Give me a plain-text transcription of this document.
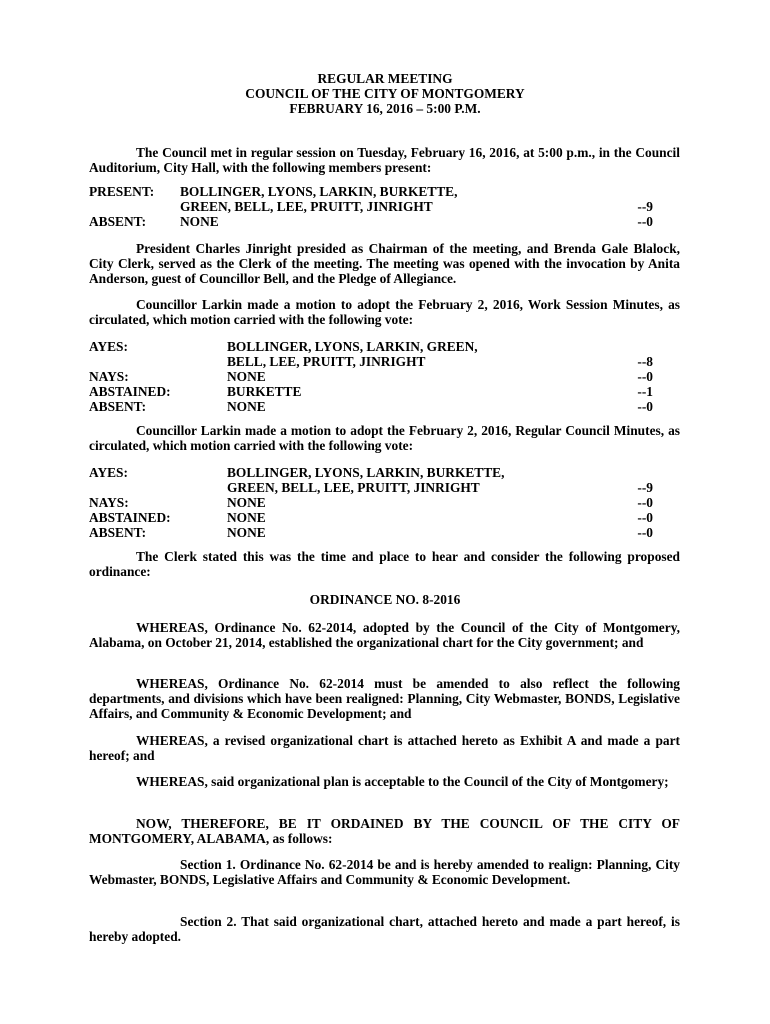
REGULAR MEETING
COUNCIL OF THE CITY OF MONTGOMERY
FEBRUARY 16, 2016 – 5:00 P.M.
The Council met in regular session on Tuesday, February 16, 2016, at 5:00 p.m., in the Council Auditorium, City Hall, with the following members present:
PRESENT: BOLLINGER, LYONS, LARKIN, BURKETTE,
GREEN, BELL, LEE, PRUITT, JINRIGHT	--9
ABSENT:	NONE	--0
President Charles Jinright presided as Chairman of the meeting, and Brenda Gale Blalock, City Clerk, served as the Clerk of the meeting. The meeting was opened with the invocation by Anita Anderson, guest of Councillor Bell, and the Pledge of Allegiance.
Councillor Larkin made a motion to adopt the February 2, 2016, Work Session Minutes, as circulated, which motion carried with the following vote:
AYES:	BOLLINGER, LYONS, LARKIN, GREEN,
BELL, LEE, PRUITT, JINRIGHT	--8
NAYS:	NONE	--0
ABSTAINED:	BURKETTE	--1
ABSENT:	NONE	--0
Councillor Larkin made a motion to adopt the February 2, 2016, Regular Council Minutes, as circulated, which motion carried with the following vote:
AYES:	BOLLINGER, LYONS, LARKIN, BURKETTE,
GREEN, BELL, LEE, PRUITT, JINRIGHT	--9
NAYS:	NONE	--0
ABSTAINED:	NONE	--0
ABSENT:	NONE	--0
The Clerk stated this was the time and place to hear and consider the following proposed ordinance:
ORDINANCE NO. 8-2016
WHEREAS, Ordinance No. 62-2014, adopted by the Council of the City of Montgomery, Alabama, on October 21, 2014, established the organizational chart for the City government; and
WHEREAS, Ordinance No. 62-2014 must be amended to also reflect the following departments, and divisions which have been realigned: Planning, City Webmaster, BONDS, Legislative Affairs, and Community & Economic Development; and
WHEREAS, a revised organizational chart is attached hereto as Exhibit A and made a part hereof; and
WHEREAS, said organizational plan is acceptable to the Council of the City of Montgomery;
NOW, THEREFORE, BE IT ORDAINED BY THE COUNCIL OF THE CITY OF MONTGOMERY, ALABAMA, as follows:
Section 1. Ordinance No. 62-2014 be and is hereby amended to realign: Planning, City Webmaster, BONDS, Legislative Affairs and Community & Economic Development.
Section 2. That said organizational chart, attached hereto and made a part hereof, is hereby adopted.
